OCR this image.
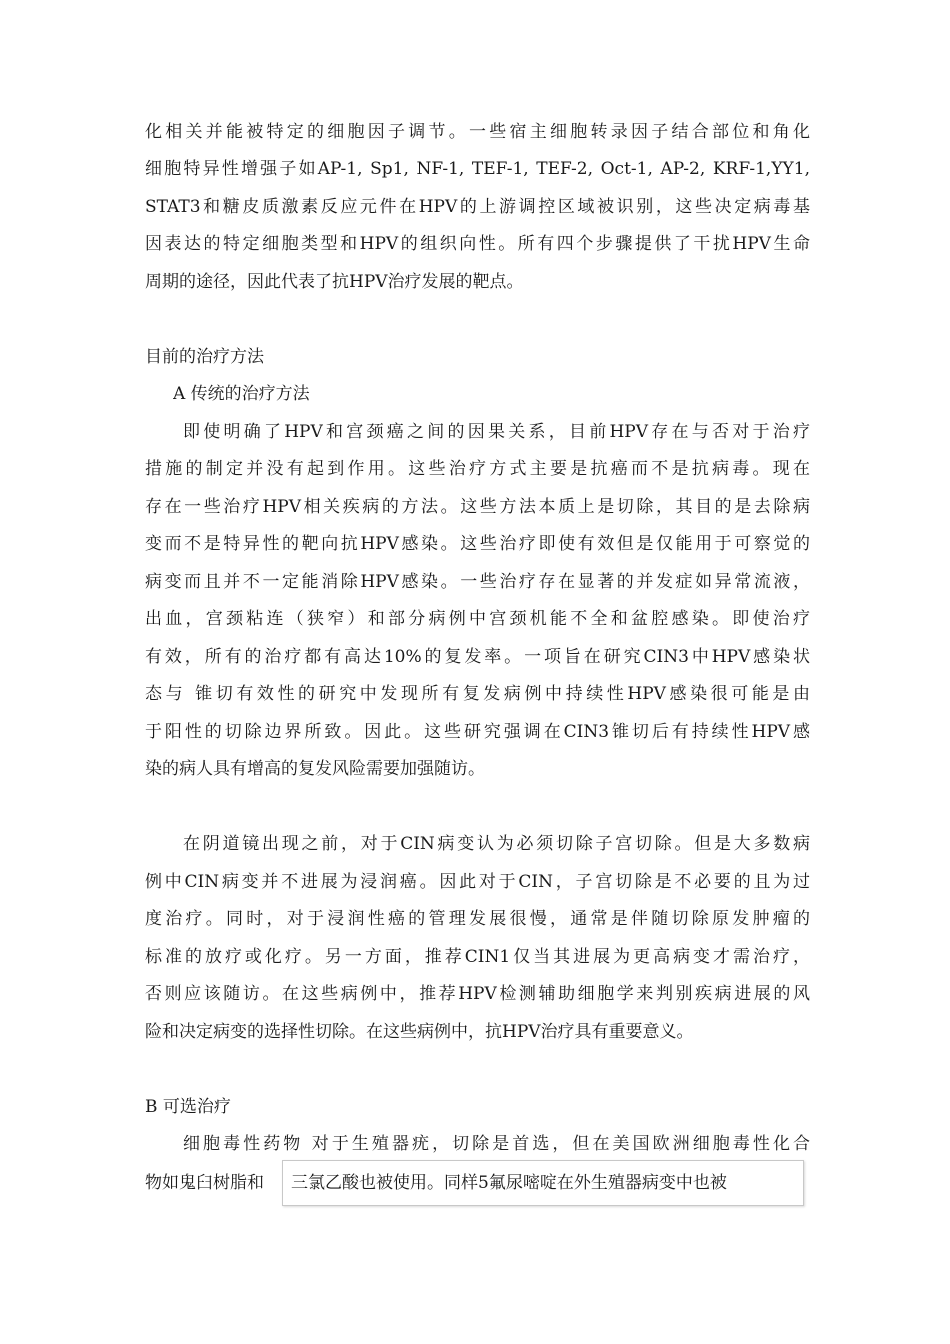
化相关并能被特定的细胞因子调节。一些宿主细胞转录因子结合部位和角化
细胞特异性增强子如AP-1, Sp1, NF-1, TEF-1, TEF-2, Oct-1, AP-2, KRF-1,YY1,
STAT3和糖皮质激素反应元件在HPV的上游调控区域被识别，这些决定病毒基
因表达的特定细胞类型和HPV的组织向性。所有四个步骤提供了干扰HPV生命
周期的途径，因此代表了抗HPV治疗发展的靶点。
目前的治疗方法
A 传统的治疗方法
即使明确了HPV和宫颈癌之间的因果关系，目前HPV存在与否对于治疗
措施的制定并没有起到作用。这些治疗方式主要是抗癌而不是抗病毒。现在
存在一些治疗HPV相关疾病的方法。这些方法本质上是切除，其目的是去除病
变而不是特异性的靶向抗HPV感染。这些治疗即使有效但是仅能用于可察觉的
病变而且并不一定能消除HPV感染。一些治疗存在显著的并发症如异常流液，
出血，宫颈粘连（狭窄）和部分病例中宫颈机能不全和盆腔感染。即使治疗
有效，所有的治疗都有高达10%的复发率。一项旨在研究CIN3中HPV感染状
态与 锥切有效性的研究中发现所有复发病例中持续性HPV感染很可能是由
于阳性的切除边界所致。因此。这些研究强调在CIN3锥切后有持续性HPV感
染的病人具有增高的复发风险需要加强随访。
在阴道镜出现之前，对于CIN病变认为必须切除子宫切除。但是大多数病
例中CIN病变并不进展为浸润癌。因此对于CIN，子宫切除是不必要的且为过
度治疗。同时，对于浸润性癌的管理发展很慢，通常是伴随切除原发肿瘤的
标准的放疗或化疗。另一方面，推荐CIN1仅当其进展为更高病变才需治疗，
否则应该随访。在这些病例中，推荐HPV检测辅助细胞学来判别疾病进展的风
险和决定病变的选择性切除。在这些病例中，抗HPV治疗具有重要意义。
B 可选治疗
细胞毒性药物 对于生殖器疣，切除是首选，但在美国欧洲细胞毒性化合
物如鬼臼树脂和 三氯乙酸也被使用。同样5氟尿嘧啶在外生殖器病变中也被
